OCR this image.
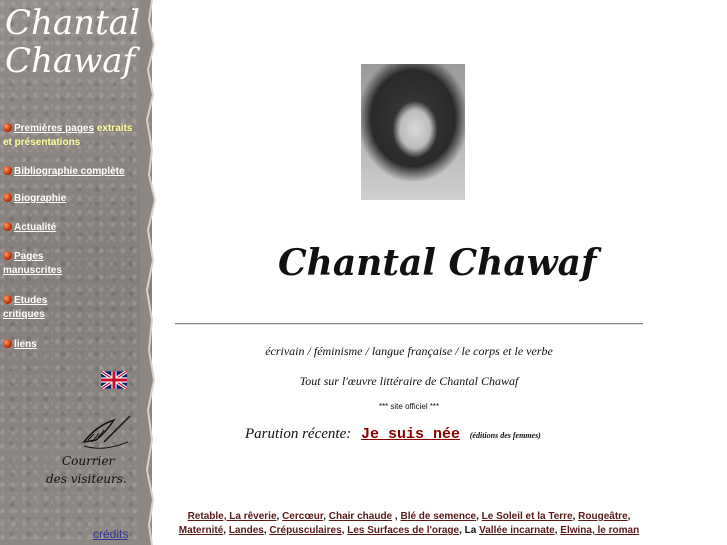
Chantal
Chawaf
Premières pages extraits et présentations
Bibliographie complète
Biographie
Actualité
Pages manuscrites
Etudes critiques
liens
Courrier
des visiteurs.
crédits
Chantal Chawaf
écrivain / féminisme / langue française / le corps et le verbe
Tout sur l'œuvre littéraire de Chantal Chawaf
*** site officiel ***
Parution récente: Je suis née (éditions des femmes)
Retable, La rêverie, Cercœur, Chair chaude , Blé de semence, Le Soleil et la Terre, Rougeâtre, Maternité, Landes, Crépusculaires, Les Surfaces de l'orage, La Vallée incarnate, Elwina, le roman
